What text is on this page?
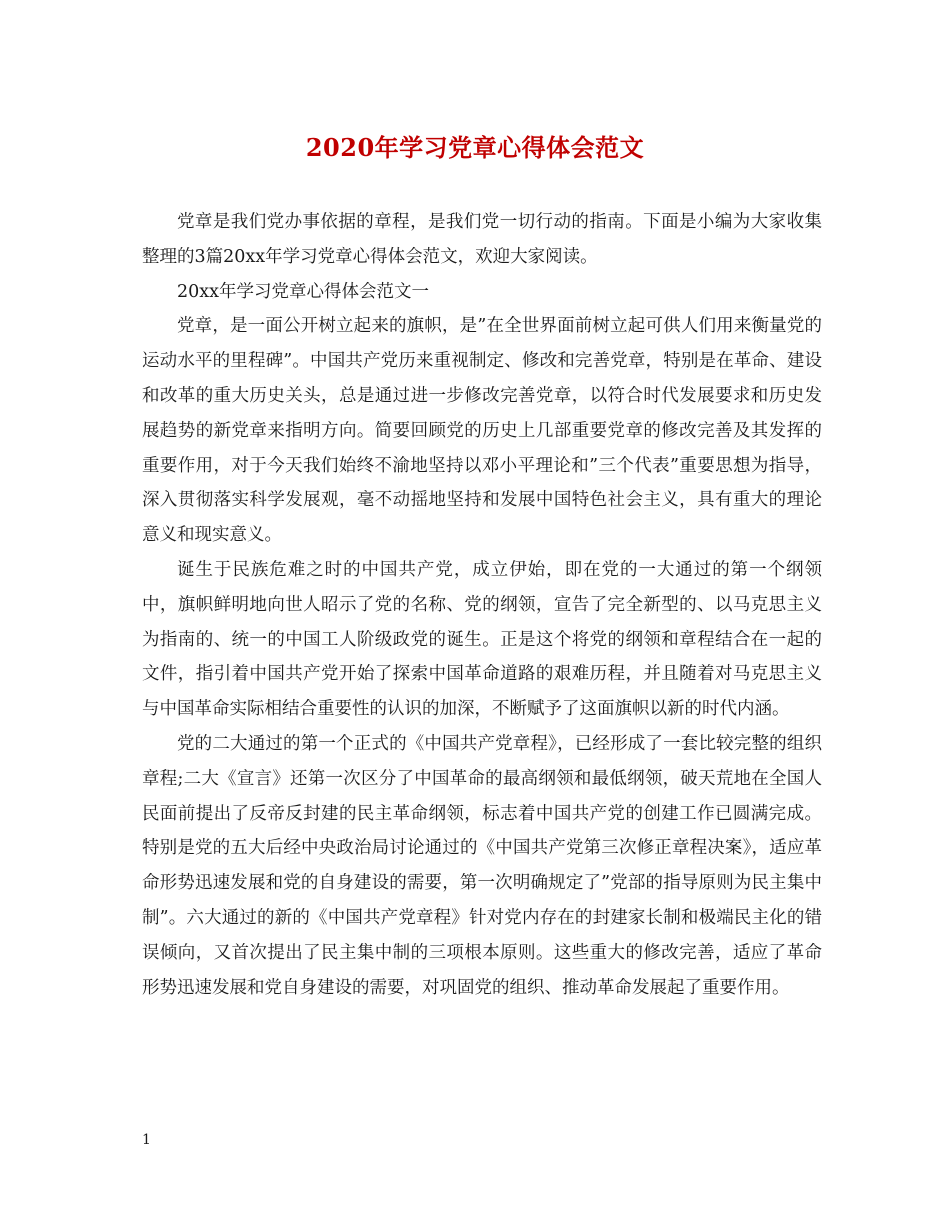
2020年学习党章心得体会范文

党章是我们党办事依据的章程，是我们党一切行动的指南。下面是小编为大家收集整理的3篇20xx年学习党章心得体会范文，欢迎大家阅读。

20xx年学习党章心得体会范文一

党章，是一面公开树立起来的旗帜，是”在全世界面前树立起可供人们用来衡量党的运动水平的里程碑”。中国共产党历来重视制定、修改和完善党章，特别是在革命、建设和改革的重大历史关头，总是通过进一步修改完善党章，以符合时代发展要求和历史发展趋势的新党章来指明方向。简要回顾党的历史上几部重要党章的修改完善及其发挥的重要作用，对于今天我们始终不渝地坚持以邓小平理论和”三个代表”重要思想为指导，深入贯彻落实科学发展观，毫不动摇地坚持和发展中国特色社会主义，具有重大的理论意义和现实意义。

诞生于民族危难之时的中国共产党，成立伊始，即在党的一大通过的第一个纲领中，旗帜鲜明地向世人昭示了党的名称、党的纲领，宣告了完全新型的、以马克思主义为指南的、统一的中国工人阶级政党的诞生。正是这个将党的纲领和章程结合在一起的文件，指引着中国共产党开始了探索中国革命道路的艰难历程，并且随着对马克思主义与中国革命实际相结合重要性的认识的加深，不断赋予了这面旗帜以新的时代内涵。

党的二大通过的第一个正式的《中国共产党章程》，已经形成了一套比较完整的组织章程;二大《宣言》还第一次区分了中国革命的最高纲领和最低纲领，破天荒地在全国人民面前提出了反帝反封建的民主革命纲领，标志着中国共产党的创建工作已圆满完成。特别是党的五大后经中央政治局讨论通过的《中国共产党第三次修正章程决案》，适应革命形势迅速发展和党的自身建设的需要，第一次明确规定了”党部的指导原则为民主集中制”。六大通过的新的《中国共产党章程》针对党内存在的封建家长制和极端民主化的错误倾向，又首次提出了民主集中制的三项根本原则。这些重大的修改完善，适应了革命形势迅速发展和党自身建设的需要，对巩固党的组织、推动革命发展起了重要作用。

1
